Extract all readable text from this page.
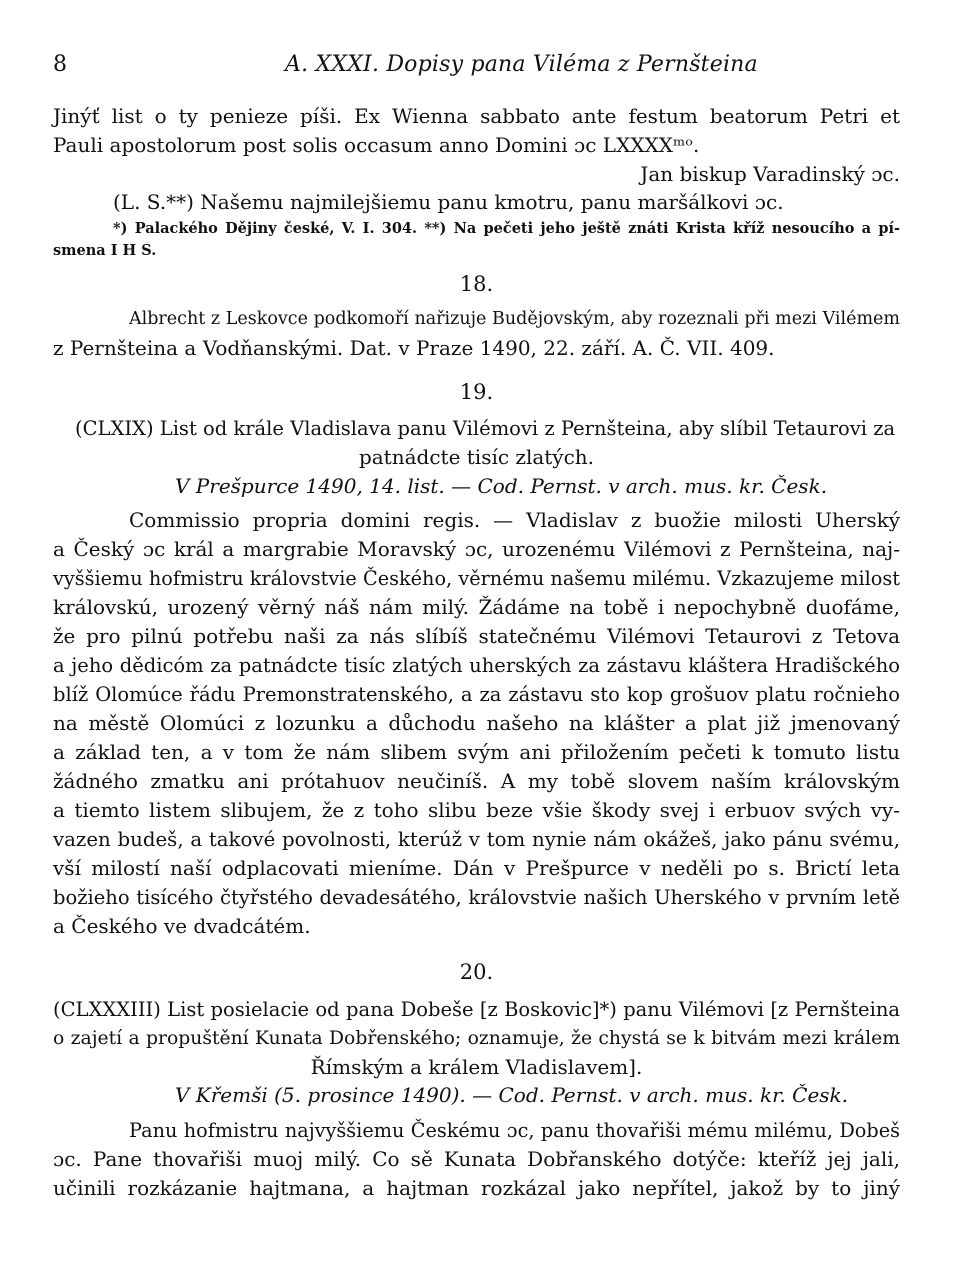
8	A. XXXI. Dopisy pana Viléma z Pernšteina
Jinýť list o ty penieze píši. Ex Wienna sabbato ante festum beatorum Petri et
Pauli apostolorum post solis occasum anno Domini ɔc LXXXXᵐᵒ.
Jan biskup Varadinský ɔc.
(L. S.**) Našemu najmilejšiemu panu kmotru, panu maršálkovi ɔc.
*) Palackého Dějiny české, V. I. 304. **) Na pečeti jeho ještě znáti Krista kříž nesoucího a pí-
smena I H S.
18.
Albrecht z Leskovce podkomoří nařizuje Budějovským, aby rozeznali při mezi Vilémem
z Pernšteina a Vodňanskými. Dat. v Praze 1490, 22. září. A. Č. VII. 409.
19.
(CLXIX) List od krále Vladislava panu Vilémovi z Pernšteina, aby slíbil Tetaurovi za
patnádcte tisíc zlatých.
V Prešpurce 1490, 14. list. — Cod. Pernst. v arch. mus. kr. Česk.
Commissio propria domini regis. — Vladislav z buožie milosti Uherský
a Český ɔc král a margrabie Moravský ɔc, urozenému Vilémovi z Pernšteina, naj-
vyššiemu hofmistru královstvie Českého, věrnému našemu milému. Vzkazujeme milost
královskú, urozený věrný náš nám milý. Žádáme na tobě i nepochybně duofáme,
že pro pilnú potřebu naši za nás slíbíš statečnému Vilémovi Tetaurovi z Tetova
a jeho dědicóm za patnádcte tisíc zlatých uherských za zástavu kláštera Hradišckého
blíž Olomúce řádu Premonstratenského, a za zástavu sto kop grošuov platu ročnieho
na městě Olomúci z lozunku a důchodu našeho na klášter a plat již jmenovaný
a základ ten, a v tom že nám slibem svým ani přiložením pečeti k tomuto listu
žádného zmatku ani prótahuov neučiníš. A my tobě slovem naším královským
a tiemto listem slibujem, že z toho slibu beze všie škody svej i erbuov svých vy-
vazen budeš, a takové povolnosti, kterúž v tom nynie nám okážeš, jako pánu svému,
vší milostí naší odplacovati mieníme. Dán v Prešpurce v neděli po s. Brictí leta
božieho tisícého čtyřstého devadesátého, královstvie našich Uherského v prvním letě
a Českého ve dvadcátém.
20.
(CLXXXIII) List posielacie od pana Dobeše [z Boskovic]*) panu Vilémovi [z Pernšteina
o zajetí a propuštění Kunata Dobřenského; oznamuje, že chystá se k bitvám mezi králem
Římským a králem Vladislavem].
V Křemši (5. prosince 1490). — Cod. Pernst. v arch. mus. kr. Česk.
Panu hofmistru najvyššiemu Českému ɔc, panu thovařiši mému milému, Dobeš
ɔc. Pane thovařiši muoj milý. Co sě Kunata Dobřanského dotýče: kteříž jej jali,
učinili rozkázanie hajtmana, a hajtman rozkázal jako nepřítel, jakož by to jiný
